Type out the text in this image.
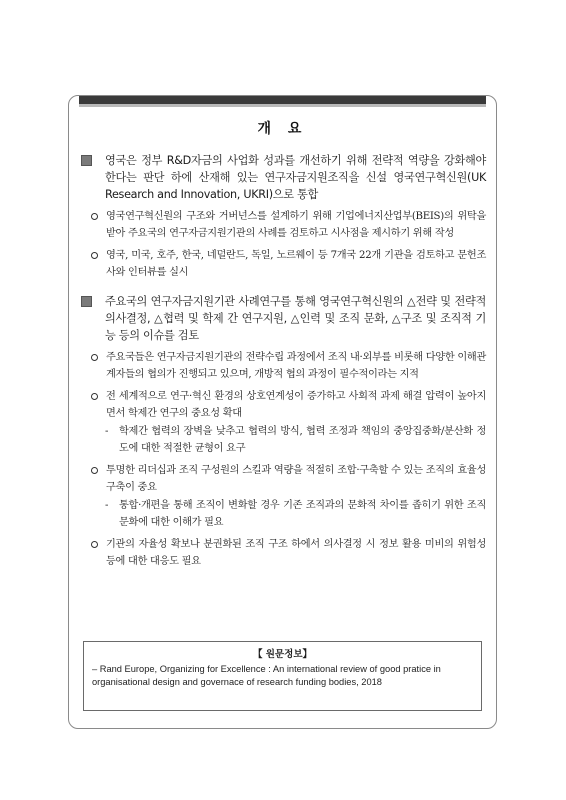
개 요
영국은 정부 R&D자금의 사업화 성과를 개선하기 위해 전략적 역량을 강화해야 한다는 판단 하에 산재해 있는 연구자금지원조직을 신설 영국연구혁신원(UK Research and Innovation, UKRI)으로 통합
영국연구혁신원의 구조와 거버넌스를 설계하기 위해 기업에너지산업부(BEIS)의 위탁을 받아 주요국의 연구자금지원기관의 사례를 검토하고 시사점을 제시하기 위해 작성
영국, 미국, 호주, 한국, 네덜란드, 독일, 노르웨이 등 7개국 22개 기관을 검토하고 문헌조사와 인터뷰를 실시
주요국의 연구자금지원기관 사례연구를 통해 영국연구혁신원의 △전략 및 전략적 의사결정, △협력 및 학제 간 연구지원, △인력 및 조직 문화, △구조 및 조직적 기능 등의 이슈를 검토
주요국들은 연구자금지원기관의 전략수립 과정에서 조직 내·외부를 비롯해 다양한 이해관계자들의 협의가 진행되고 있으며, 개방적 협의 과정이 필수적이라는 지적
전 세계적으로 연구·혁신 환경의 상호연계성이 증가하고 사회적 과제 해결 압력이 높아지면서 학제간 연구의 중요성 확대
- 학제간 협력의 장벽을 낮추고 협력의 방식, 협력 조정과 책임의 중앙집중화/분산화 정도에 대한 적절한 균형이 요구
투명한 리더십과 조직 구성원의 스킬과 역량을 적절히 조합·구축할 수 있는 조직의 효율성 구축이 중요
- 통합·개편을 통해 조직이 변화할 경우 기존 조직과의 문화적 차이를 좁히기 위한 조직 문화에 대한 이해가 필요
기관의 자율성 확보나 분권화된 조직 구조 하에서 의사결정 시 정보 활용 미비의 위험성 등에 대한 대응도 필요
【 원문정보】
– Rand Europe, Organizing for Excellence : An international review of good pratice in organisational design and governace of research funding bodies, 2018
